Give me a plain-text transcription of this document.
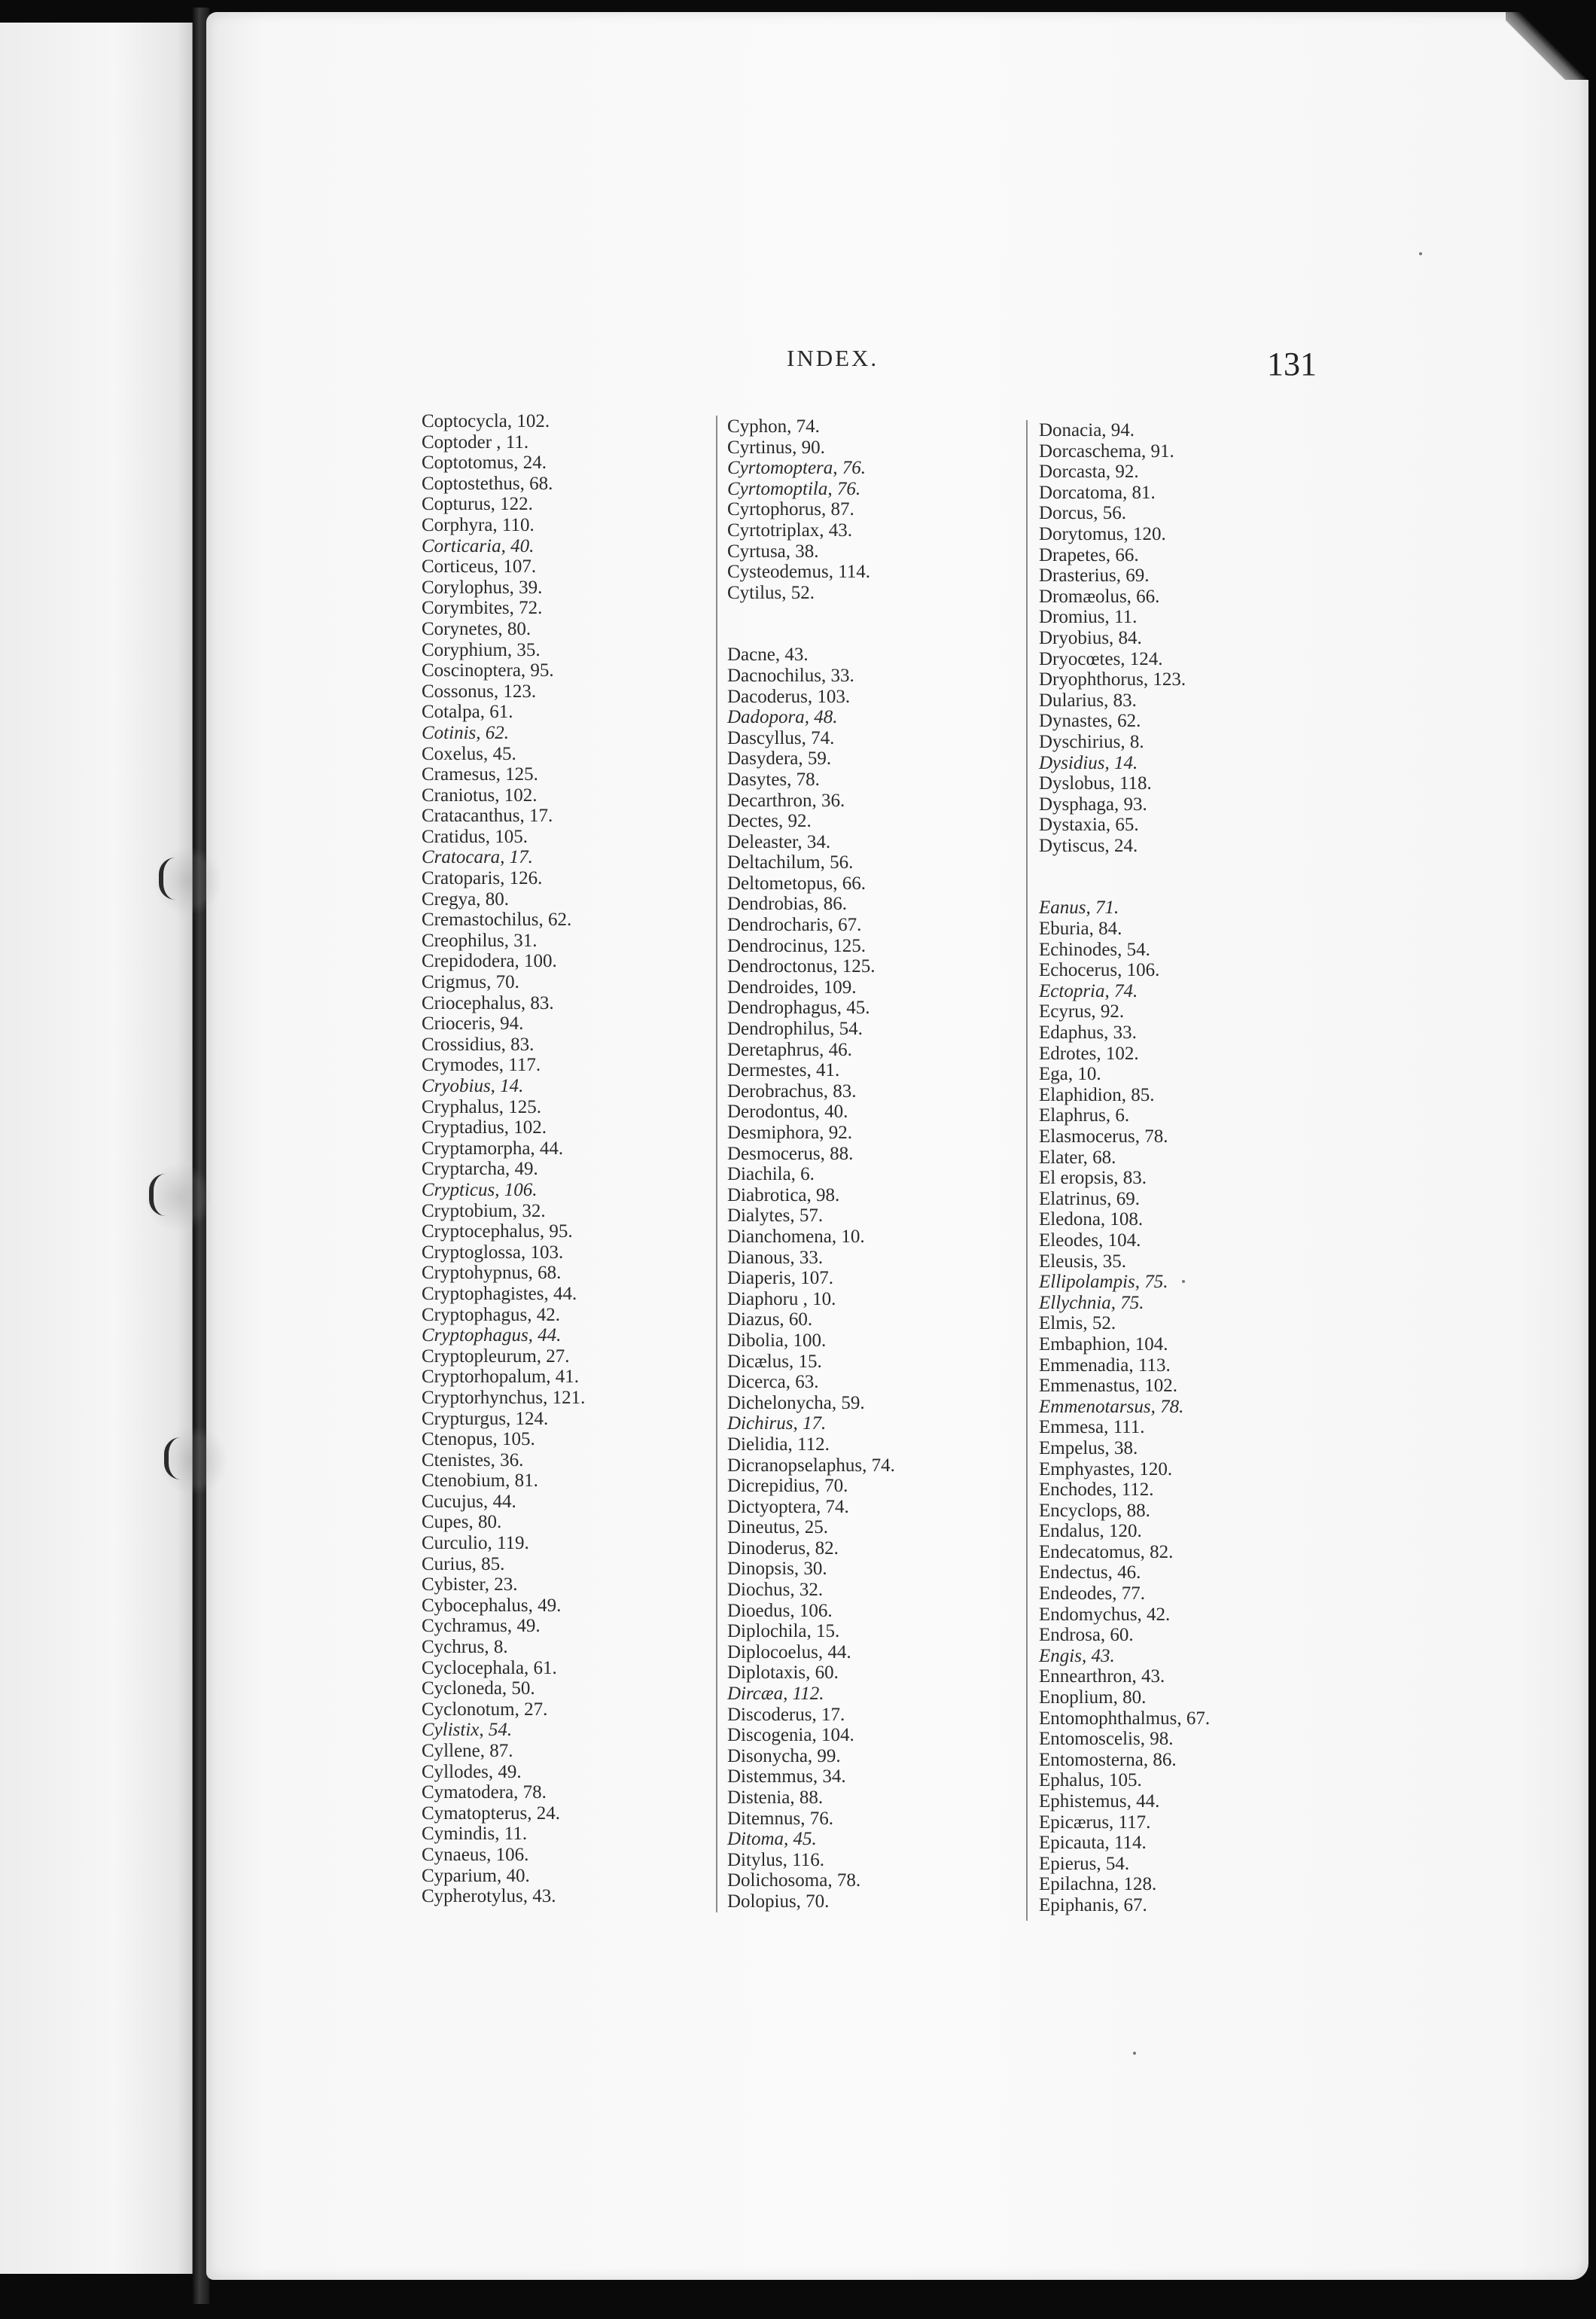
INDEX.	131
Coptocycla, 102.
Coptoder , 11.
Coptotomus, 24.
Coptostethus, 68.
Copturus, 122.
Corphyra, 110.
Corticaria, 40.
Corticeus, 107.
Corylophus, 39.
Corymbites, 72.
Corynetes, 80.
Coryphium, 35.
Coscinoptera, 95.
Cossonus, 123.
Cotalpa, 61.
Cotinis, 62.
Coxelus, 45.
Cramesus, 125.
Craniotus, 102.
Cratacanthus, 17.
Cratidus, 105.
Cratocara, 17.
Cratoparis, 126.
Cregya, 80.
Cremastochilus, 62.
Creophilus, 31.
Crepidodera, 100.
Crigmus, 70.
Criocephalus, 83.
Crioceris, 94.
Crossidius, 83.
Crymodes, 117.
Cryobius, 14.
Cryphalus, 125.
Cryptadius, 102.
Cryptamorpha, 44.
Cryptarcha, 49.
Crypticus, 106.
Cryptobium, 32.
Cryptocephalus, 95.
Cryptoglossa, 103.
Cryptohypnus, 68.
Cryptophagistes, 44.
Cryptophagus, 42.
Cryptophagus, 44.
Cryptopleurum, 27.
Cryptorhopalum, 41.
Cryptorhynchus, 121.
Crypturgus, 124.
Ctenopus, 105.
Ctenistes, 36.
Ctenobium, 81.
Cucujus, 44.
Cupes, 80.
Curculio, 119.
Curius, 85.
Cybister, 23.
Cybocephalus, 49.
Cychramus, 49.
Cychrus, 8.
Cyclocephala, 61.
Cycloneda, 50.
Cyclonotum, 27.
Cylistix, 54.
Cyllene, 87.
Cyllodes, 49.
Cymatodera, 78.
Cymatopterus, 24.
Cymindis, 11.
Cynaeus, 106.
Cyparium, 40.
Cypherotylus, 43.
Cyphon, 74.
Cyrtinus, 90.
Cyrtomoptera, 76.
Cyrtomoptila, 76.
Cyrtophorus, 87.
Cyrtotriplax, 43.
Cyrtusa, 38.
Cysteodemus, 114.
Cytilus, 52.
Dacne, 43.
Dacnochilus, 33.
Dacoderus, 103.
Dadopora, 48.
Dascyllus, 74.
Dasydera, 59.
Dasytes, 78.
Decarthron, 36.
Dectes, 92.
Deleaster, 34.
Deltachilum, 56.
Deltometopus, 66.
Dendrobias, 86.
Dendrocharis, 67.
Dendrocinus, 125.
Dendroctonus, 125.
Dendroides, 109.
Dendrophagus, 45.
Dendrophilus, 54.
Deretaphrus, 46.
Dermestes, 41.
Derobrachus, 83.
Derodontus, 40.
Desmiphora, 92.
Desmocerus, 88.
Diachila, 6.
Diabrotica, 98.
Dialytes, 57.
Dianchomena, 10.
Dianous, 33.
Diaperis, 107.
Diaphoru , 10.
Diazus, 60.
Dibolia, 100.
Dicælus, 15.
Dicerca, 63.
Dichelonycha, 59.
Dichirus, 17.
Dielidia, 112.
Dicranopselaphus, 74.
Dicrepidius, 70.
Dictyoptera, 74.
Dineutus, 25.
Dinoderus, 82.
Dinopsis, 30.
Diochus, 32.
Dioedus, 106.
Diplochila, 15.
Diplocoelus, 44.
Diplotaxis, 60.
Dircæa, 112.
Discoderus, 17.
Discogenia, 104.
Disonycha, 99.
Distemmus, 34.
Distenia, 88.
Ditemnus, 76.
Ditoma, 45.
Ditylus, 116.
Dolichosoma, 78.
Dolopius, 70.
Donacia, 94.
Dorcaschema, 91.
Dorcasta, 92.
Dorcatoma, 81.
Dorcus, 56.
Dorytomus, 120.
Drapetes, 66.
Drasterius, 69.
Dromæolus, 66.
Dromius, 11.
Dryobius, 84.
Dryocœtes, 124.
Dryophthorus, 123.
Dularius, 83.
Dynastes, 62.
Dyschirius, 8.
Dysidius, 14.
Dyslobus, 118.
Dysphaga, 93.
Dystaxia, 65.
Dytiscus, 24.
Eanus, 71.
Eburia, 84.
Echinodes, 54.
Echocerus, 106.
Ectopria, 74.
Ecyrus, 92.
Edaphus, 33.
Edrotes, 102.
Ega, 10.
Elaphidion, 85.
Elaphrus, 6.
Elasmocerus, 78.
Elater, 68.
El eropsis, 83.
Elatrinus, 69.
Eledona, 108.
Eleodes, 104.
Eleusis, 35.
Ellipolampis, 75.
Ellychnia, 75.
Elmis, 52.
Embaphion, 104.
Emmenadia, 113.
Emmenastus, 102.
Emmenotarsus, 78.
Emmesa, 111.
Empelus, 38.
Emphyastes, 120.
Enchodes, 112.
Encyclops, 88.
Endalus, 120.
Endecatomus, 82.
Endectus, 46.
Endeodes, 77.
Endomychus, 42.
Endrosa, 60.
Engis, 43.
Ennearthron, 43.
Enoplium, 80.
Entomophthalmus, 67.
Entomoscelis, 98.
Entomosterna, 86.
Ephalus, 105.
Ephistemus, 44.
Epicærus, 117.
Epicauta, 114.
Epierus, 54.
Epilachna, 128.
Epiphanis, 67.
